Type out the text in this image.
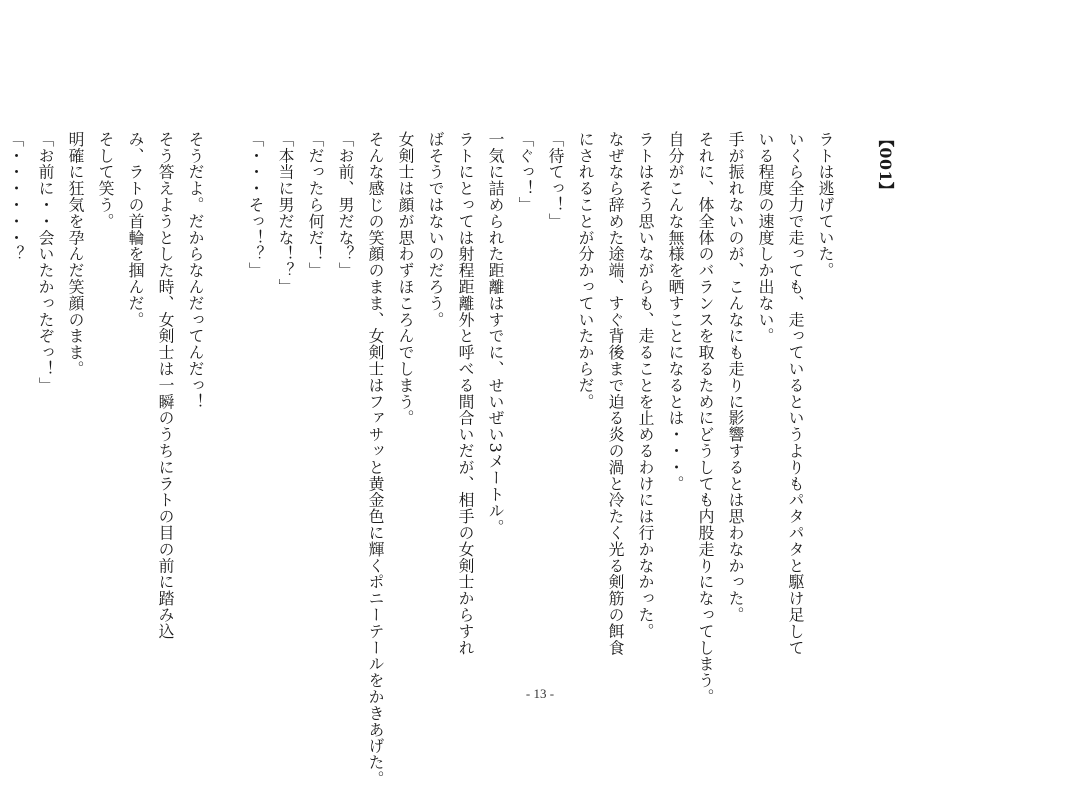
【001】

ラトは逃げていた。

いくら全力で走っても、走っているというよりもパタパタと駆け足している程度の速度しか出ない。

手が振れないのが、こんなにも走りに影響するとは思わなかった。

それに、体全体のバランスを取るためにどうしても内股走りになってしまう。

自分がこんな無様を晒すことになるとは・・・。

ラトはそう思いながらも、走ることを止めるわけには行かなかった。

なぜなら辞めた途端、すぐ背後まで迫る炎の渦と冷たく光る剣筋の餌食にされることが分かっていたからだ。

「待てっ！」

「ぐっ！」

一気に詰められた距離はすでに、せいぜい3メートル。

ラトにとっては射程距離外と呼べる間合いだが、相手の女剣士からすればそうではないのだろう。

女剣士は顔が思わずほころんでしまう。

そんな感じの笑顔のまま、女剣士はファサッと黄金色に輝くポニーテールをかきあげた。

「お前、男だな？」

「だったら何だ！」

「本当に男だな！？」

「・・・そっ！？」

そうだよ。だからなんだってんだっ！

そう答えようとした時、女剣士は一瞬のうちにラトの目の前に踏み込み、ラトの首輪を掴んだ。

そして笑う。

明確に狂気を孕んだ笑顔のまま。

「お前に・・会いたかったぞっ！」

「・・・・・・？

- 13 -
